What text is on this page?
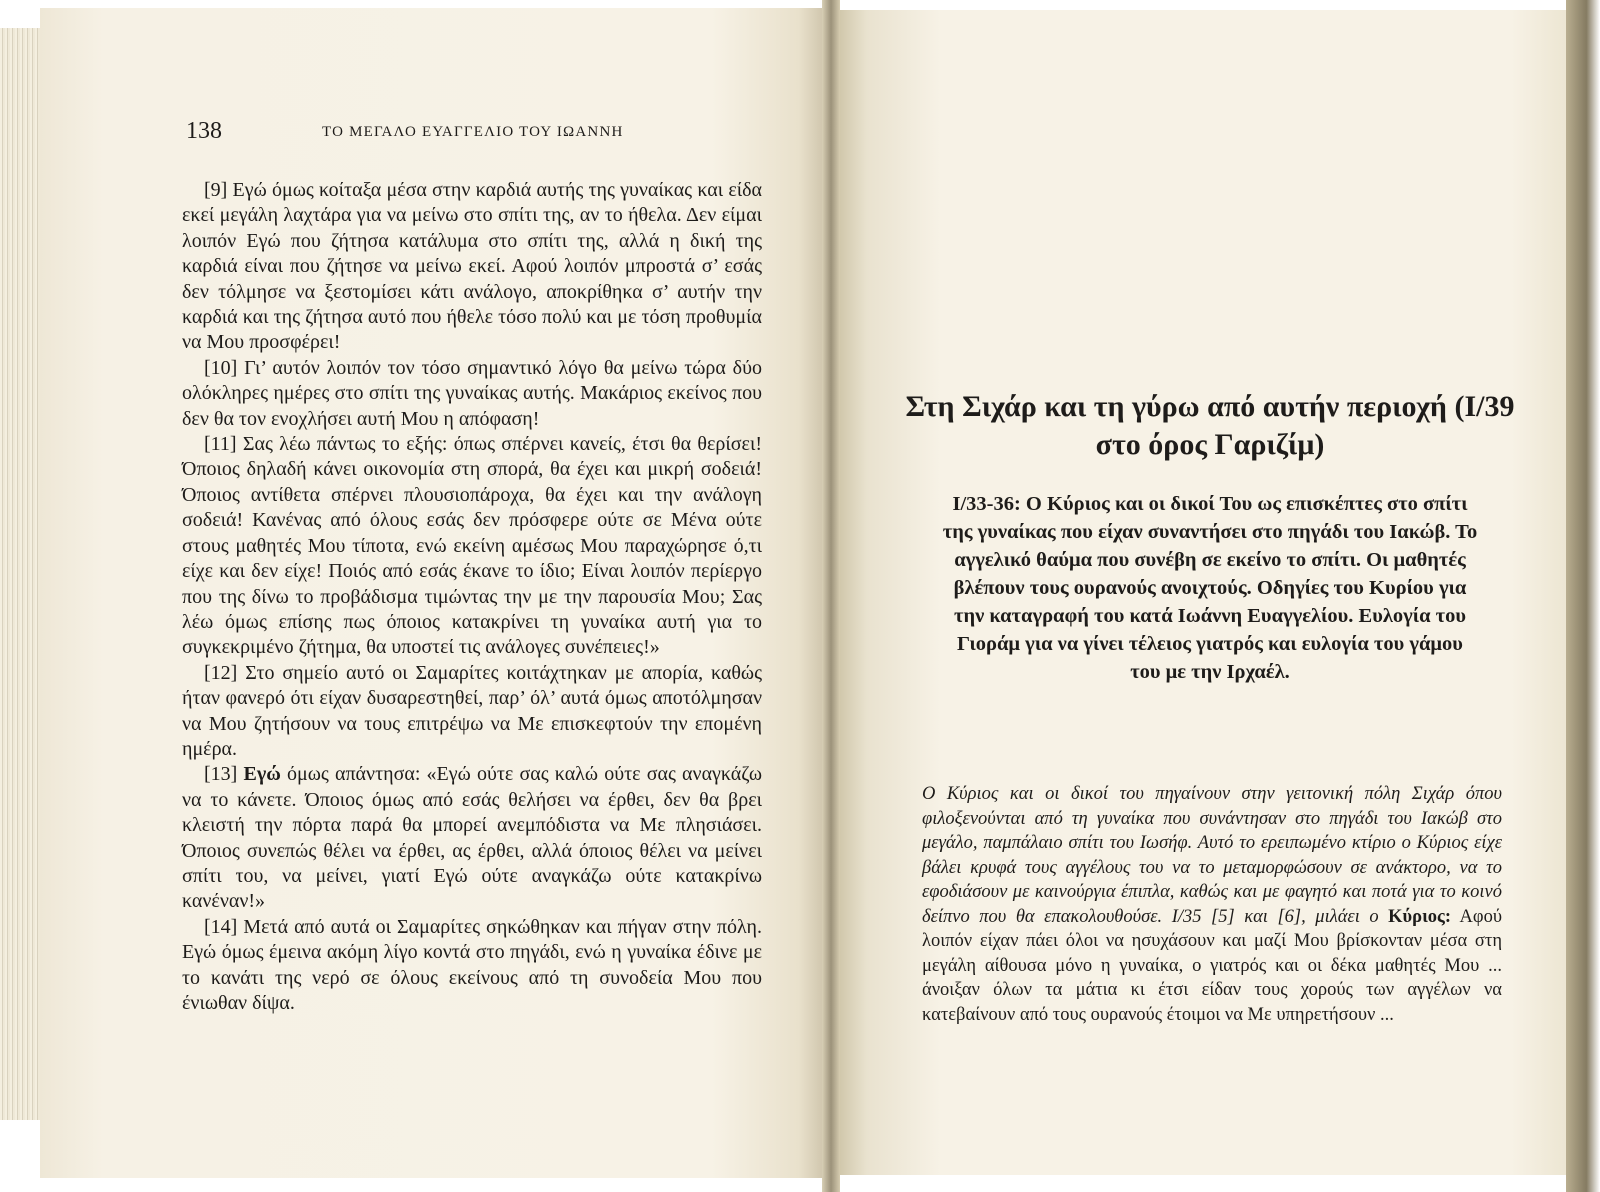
138	ΤΟ ΜΕΓΑΛΟ ΕΥΑΓΓΕΛΙΟ ΤΟΥ ΙΩΑΝΝΗ

[9] Εγώ όμως κοίταξα μέσα στην καρδιά αυτής της γυναίκας και είδα εκεί μεγάλη λαχτάρα για να μείνω στο σπίτι της, αν το ήθελα. Δεν είμαι λοιπόν Εγώ που ζήτησα κατάλυμα στο σπίτι της, αλλά η δική της καρδιά είναι που ζήτησε να μείνω εκεί. Αφού λοιπόν μπροστά σ’ εσάς δεν τόλμησε να ξεστομίσει κάτι ανάλογο, αποκρίθηκα σ’ αυτήν την καρδιά και της ζήτησα αυτό που ήθελε τόσο πολύ και με τόση προθυμία να Μου προσφέρει!

[10] Γι’ αυτόν λοιπόν τον τόσο σημαντικό λόγο θα μείνω τώρα δύο ολόκληρες ημέρες στο σπίτι της γυναίκας αυτής. Μακάριος εκείνος που δεν θα τον ενοχλήσει αυτή Μου η απόφαση!

[11] Σας λέω πάντως το εξής: όπως σπέρνει κανείς, έτσι θα θερίσει! Όποιος δηλαδή κάνει οικονομία στη σπορά, θα έχει και μικρή σοδειά! Όποιος αντίθετα σπέρνει πλουσιοπάροχα, θα έχει και την ανάλογη σοδειά! Κανένας από όλους εσάς δεν πρόσφερε ούτε σε Μένα ούτε στους μαθητές Μου τίποτα, ενώ εκείνη αμέσως Μου παραχώρησε ό,τι είχε και δεν είχε! Ποιός από εσάς έκανε το ίδιο; Είναι λοιπόν περίεργο που της δίνω το προβάδισμα τιμώντας την με την παρουσία Μου; Σας λέω όμως επίσης πως όποιος κατακρίνει τη γυναίκα αυτή για το συγκεκριμένο ζήτημα, θα υποστεί τις ανάλογες συνέπειες!»

[12] Στο σημείο αυτό οι Σαμαρίτες κοιτάχτηκαν με απορία, καθώς ήταν φανερό ότι είχαν δυσαρεστηθεί, παρ’ όλ’ αυτά όμως αποτόλμησαν να Μου ζητήσουν να τους επιτρέψω να Με επισκεφτούν την επομένη ημέρα.

[13] Εγώ όμως απάντησα: «Εγώ ούτε σας καλώ ούτε σας αναγκάζω να το κάνετε. Όποιος όμως από εσάς θελήσει να έρθει, δεν θα βρει κλειστή την πόρτα παρά θα μπορεί ανεμπόδιστα να Με πλησιάσει. Όποιος συνεπώς θέλει να έρθει, ας έρθει, αλλά όποιος θέλει να μείνει σπίτι του, να μείνει, γιατί Εγώ ούτε αναγκάζω ούτε κατακρίνω κανέναν!»

[14] Μετά από αυτά οι Σαμαρίτες σηκώθηκαν και πήγαν στην πόλη. Εγώ όμως έμεινα ακόμη λίγο κοντά στο πηγάδι, ενώ η γυναίκα έδινε με το κανάτι της νερό σε όλους εκείνους από τη συνοδεία Μου που ένιωθαν δίψα.

Στη Σιχάρ και τη γύρω από αυτήν περιοχή (Ι/39 στο όρος Γαριζίμ)

Ι/33-36: Ο Κύριος και οι δικοί Του ως επισκέπτες στο σπίτι της γυναίκας που είχαν συναντήσει στο πηγάδι του Ιακώβ. Το αγγελικό θαύμα που συνέβη σε εκείνο το σπίτι. Οι μαθητές βλέπουν τους ουρανούς ανοιχτούς. Οδηγίες του Κυρίου για την καταγραφή του κατά Ιωάννη Ευαγγελίου. Ευλογία του Γιοράμ για να γίνει τέλειος γιατρός και ευλογία του γάμου του με την Ιρχαέλ.

Ο Κύριος και οι δικοί του πηγαίνουν στην γειτονική πόλη Σιχάρ όπου φιλοξενούνται από τη γυναίκα που συνάντησαν στο πηγάδι του Ιακώβ στο μεγάλο, παμπάλαιο σπίτι του Ιωσήφ. Αυτό το ερειπωμένο κτίριο ο Κύριος είχε βάλει κρυφά τους αγγέλους του να το μεταμορφώσουν σε ανάκτορο, να το εφοδιάσουν με καινούργια έπιπλα, καθώς και με φαγητό και ποτά για το κοινό δείπνο που θα επακολουθούσε. Ι/35 [5] και [6], μιλάει ο Κύριος: Αφού λοιπόν είχαν πάει όλοι να ησυχάσουν και μαζί Μου βρίσκονταν μέσα στη μεγάλη αίθουσα μόνο η γυναίκα, ο γιατρός και οι δέκα μαθητές Μου ... άνοιξαν όλων τα μάτια κι έτσι είδαν τους χορούς των αγγέλων να κατεβαίνουν από τους ουρανούς έτοιμοι να Με υπηρετήσουν ...
